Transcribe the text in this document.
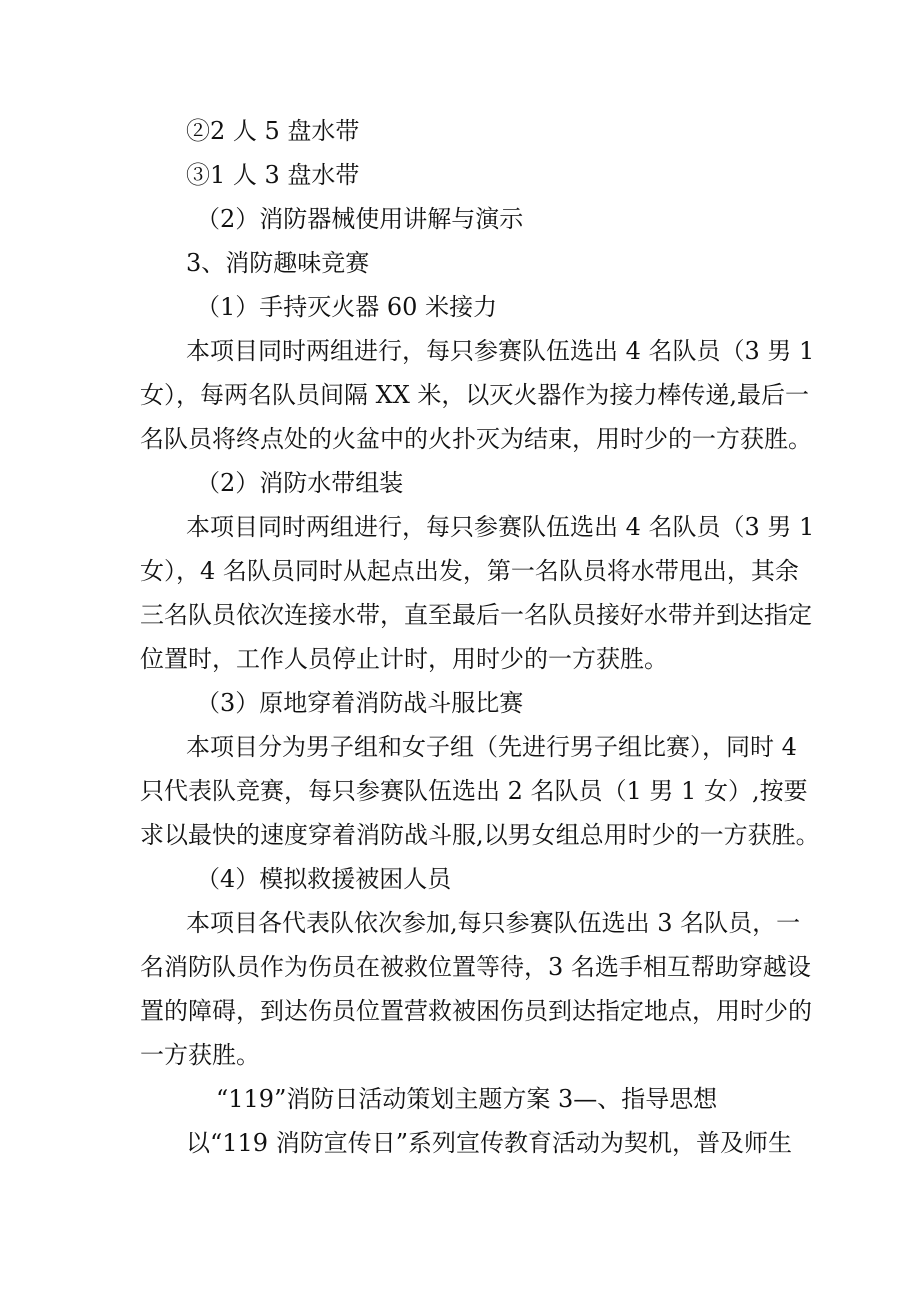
②2 人 5 盘水带
③1 人 3 盘水带
（2）消防器械使用讲解与演示
3、消防趣味竞赛
（1）手持灭火器 60 米接力
本项目同时两组进行，每只参赛队伍选出 4 名队员（3 男 1
女），每两名队员间隔 XX 米，以灭火器作为接力棒传递,最后一
名队员将终点处的火盆中的火扑灭为结束，用时少的一方获胜。
（2）消防水带组装
本项目同时两组进行，每只参赛队伍选出 4 名队员（3 男 1
女），4 名队员同时从起点出发，第一名队员将水带甩出，其余
三名队员依次连接水带，直至最后一名队员接好水带并到达指定
位置时，工作人员停止计时，用时少的一方获胜。
（3）原地穿着消防战斗服比赛
本项目分为男子组和女子组（先进行男子组比赛），同时 4
只代表队竞赛，每只参赛队伍选出 2 名队员（1 男 1 女）,按要
求以最快的速度穿着消防战斗服,以男女组总用时少的一方获胜。
（4）模拟救援被困人员
本项目各代表队依次参加,每只参赛队伍选出 3 名队员，一
名消防队员作为伤员在被救位置等待，3 名选手相互帮助穿越设
置的障碍，到达伤员位置营救被困伤员到达指定地点，用时少的
一方获胜。
“119”消防日活动策划主题方案 3—、指导思想
以“119 消防宣传日”系列宣传教育活动为契机，普及师生
